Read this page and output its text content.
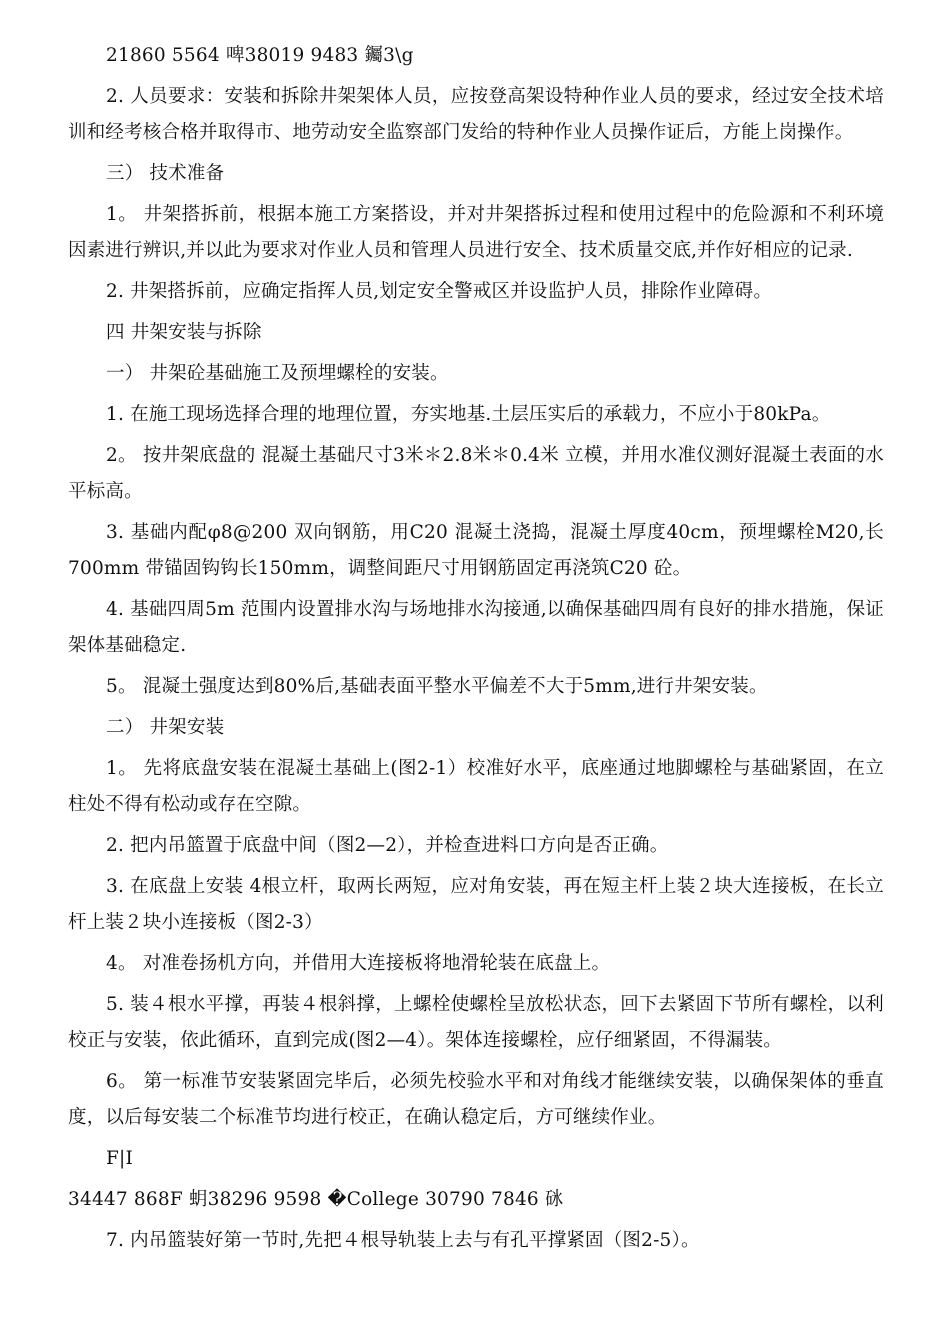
21860 5564 啤38019 9483 钃3\g

2. 人员要求：安装和拆除井架架体人员，应按登高架设特种作业人员的要求，经过安全技术培训和经考核合格并取得市、地劳动安全监察部门发给的特种作业人员操作证后，方能上岗操作。

三） 技术准备

1。 井架搭拆前，根据本施工方案搭设，并对井架搭拆过程和使用过程中的危险源和不利环境因素进行辨识,并以此为要求对作业人员和管理人员进行安全、技术质量交底,并作好相应的记录.

2. 井架搭拆前，应确定指挥人员,划定安全警戒区并设监护人员，排除作业障碍。

四 井架安装与拆除

一） 井架砼基础施工及预埋螺栓的安装。

1. 在施工现场选择合理的地理位置，夯实地基.土层压实后的承载力，不应小于80kPa。

2。 按井架底盘的 混凝土基础尺寸3米＊2.8米＊0.4米 立模，并用水准仪测好混凝土表面的水平标高。

3. 基础内配φ8@200 双向钢筋，用C20 混凝土浇捣，混凝土厚度40cm，预埋螺栓M20,长700mm 带锚固钩钩长150mm，调整间距尺寸用钢筋固定再浇筑C20 砼。

4. 基础四周5m 范围内设置排水沟与场地排水沟接通,以确保基础四周有良好的排水措施，保证架体基础稳定.

5。 混凝土强度达到80%后,基础表面平整水平偏差不大于5mm,进行井架安装。

二） 井架安装

1。 先将底盘安装在混凝土基础上(图2-1）校准好水平，底座通过地脚螺栓与基础紧固，在立柱处不得有松动或存在空隙。

2. 把内吊篮置于底盘中间（图2—2），并检查进料口方向是否正确。

3. 在底盘上安装 4根立杆，取两长两短，应对角安装，再在短主杆上装２块大连接板，在长立杆上装２块小连接板（图2-3）

4。 对准卷扬机方向，并借用大连接板将地滑轮装在底盘上。

5. 装４根水平撑，再装４根斜撑，上螺栓使螺栓呈放松状态，回下去紧固下节所有螺栓，以利校正与安装，依此循环，直到完成(图2—4）。架体连接螺栓，应仔细紧固，不得漏装。

6。 第一标准节安装紧固完毕后，必须先校验水平和对角线才能继续安装，以确保架体的垂直度，以后每安装二个标准节均进行校正，在确认稳定后，方可继续作业。

F|I

34447 868F 蚏38296 9598 �College 30790 7846 砯

7. 内吊篮装好第一节时,先把４根导轨装上去与有孔平撑紧固（图2-5）。
